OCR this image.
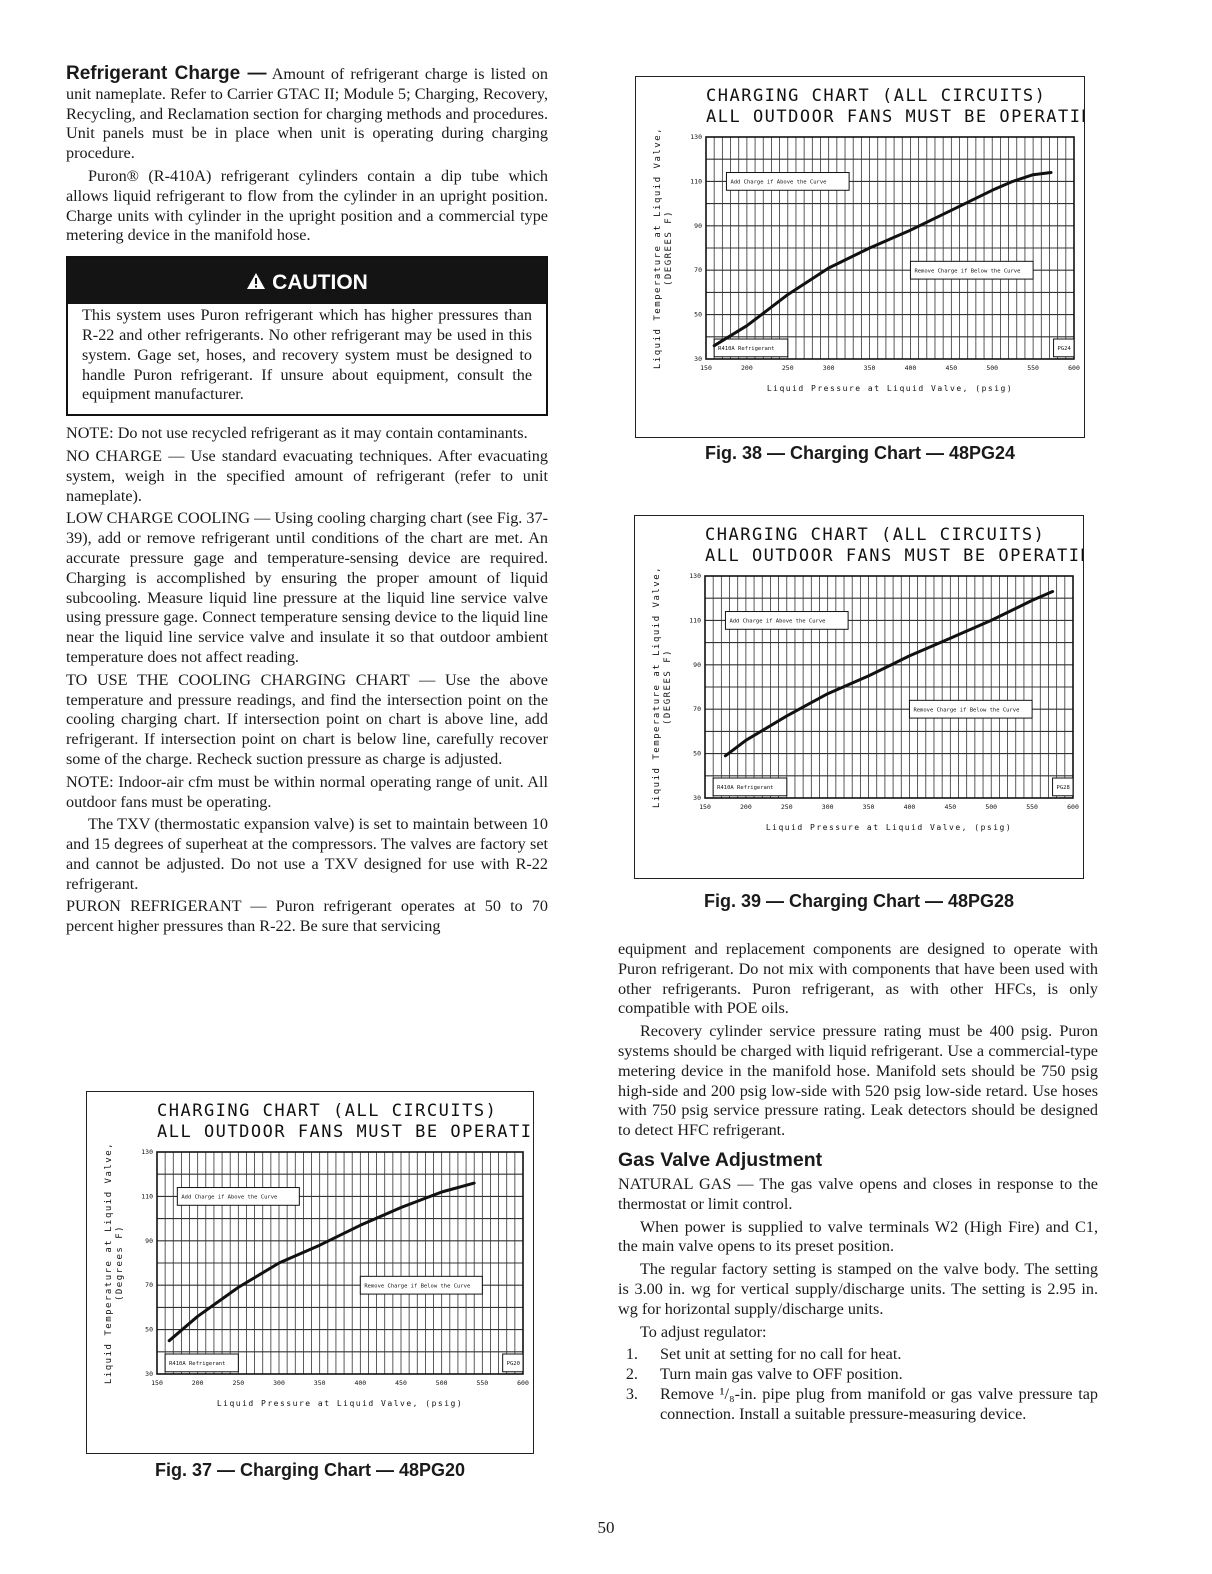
Refrigerant Charge — Amount of refrigerant charge is listed on unit nameplate. Refer to Carrier GTAC II; Module 5; Charging, Recovery, Recycling, and Reclamation section for charging methods and procedures. Unit panels must be in place when unit is operating during charging procedure.

Puron® (R-410A) refrigerant cylinders contain a dip tube which allows liquid refrigerant to flow from the cylinder in an upright position. Charge units with cylinder in the upright position and a commercial type metering device in the manifold hose.

CAUTION

This system uses Puron refrigerant which has higher pressures than R-22 and other refrigerants. No other refrigerant may be used in this system. Gage set, hoses, and recovery system must be designed to handle Puron refrigerant. If unsure about equipment, consult the equipment manufacturer.

NOTE: Do not use recycled refrigerant as it may contain contaminants.

NO CHARGE — Use standard evacuating techniques. After evacuating system, weigh in the specified amount of refrigerant (refer to unit nameplate).

LOW CHARGE COOLING — Using cooling charging chart (see Fig. 37-39), add or remove refrigerant until conditions of the chart are met. An accurate pressure gage and temperature-sensing device are required. Charging is accomplished by ensuring the proper amount of liquid subcooling. Measure liquid line pressure at the liquid line service valve using pressure gage. Connect temperature sensing device to the liquid line near the liquid line service valve and insulate it so that outdoor ambient temperature does not affect reading.

TO USE THE COOLING CHARGING CHART — Use the above temperature and pressure readings, and find the intersection point on the cooling charging chart. If intersection point on chart is above line, add refrigerant. If intersection point on chart is below line, carefully recover some of the charge. Recheck suction pressure as charge is adjusted.

NOTE: Indoor-air cfm must be within normal operating range of unit. All outdoor fans must be operating.

The TXV (thermostatic expansion valve) is set to maintain between 10 and 15 degrees of superheat at the compressors. The valves are factory set and cannot be adjusted. Do not use a TXV designed for use with R-22 refrigerant.

PURON REFRIGERANT — Puron refrigerant operates at 50 to 70 percent higher pressures than R-22. Be sure that servicing

CHARGING CHART (ALL CIRCUITS)
ALL OUTDOOR FANS MUST BE OPERATING
150	200	250	300	350	400	450	500	550	600
30
50
70
90
110
130
Liquid Pressure at Liquid Valve, (psig)
Liquid Temperature at Liquid Valve,(DEGREES F)
Add Charge if Above the Curve
Remove Charge if Below the Curve
R410A Refrigerant	PG24
Fig. 38 — Charging Chart — 48PG24
CHARGING CHART (ALL CIRCUITS)
ALL OUTDOOR FANS MUST BE OPERATING
150	200	250	300	350	400	450	500	550	600
30
50
70
90
110
130
Liquid Pressure at Liquid Valve, (psig)
Liquid Temperature at Liquid Valve,(DEGREES F)
Add Charge if Above the Curve
Remove Charge if Below the Curve
R410A Refrigerant	PG28
Fig. 39 — Charging Chart — 48PG28
CHARGING CHART (ALL CIRCUITS)
ALL OUTDOOR FANS MUST BE OPERATING
150	200	250	300	350	400	450	500	550	600
30
50
70
90
110
130
Liquid Pressure at Liquid Valve, (psig)
Liquid Temperature at Liquid Valve,(Degrees F)
Add Charge if Above the Curve
Remove Charge if Below the Curve
R410A Refrigerant	PG20
Fig. 37 — Charging Chart — 48PG20

equipment and replacement components are designed to operate with Puron refrigerant. Do not mix with components that have been used with other refrigerants. Puron refrigerant, as with other HFCs, is only compatible with POE oils.

Recovery cylinder service pressure rating must be 400 psig. Puron systems should be charged with liquid refrigerant. Use a commercial-type metering device in the manifold hose. Manifold sets should be 750 psig high-side and 200 psig low-side with 520 psig low-side retard. Use hoses with 750 psig service pressure rating. Leak detectors should be designed to detect HFC refrigerant.

Gas Valve Adjustment

NATURAL GAS — The gas valve opens and closes in response to the thermostat or limit control.

When power is supplied to valve terminals W2 (High Fire) and C1, the main valve opens to its preset position.

The regular factory setting is stamped on the valve body. The setting is 3.00 in. wg for vertical supply/discharge units. The setting is 2.95 in. wg for horizontal supply/discharge units.

To adjust regulator:

1. Set unit at setting for no call for heat.
2. Turn main gas valve to OFF position.
3. Remove ¹/₈-in. pipe plug from manifold or gas valve pressure tap connection. Install a suitable pressure-measuring device.
50
